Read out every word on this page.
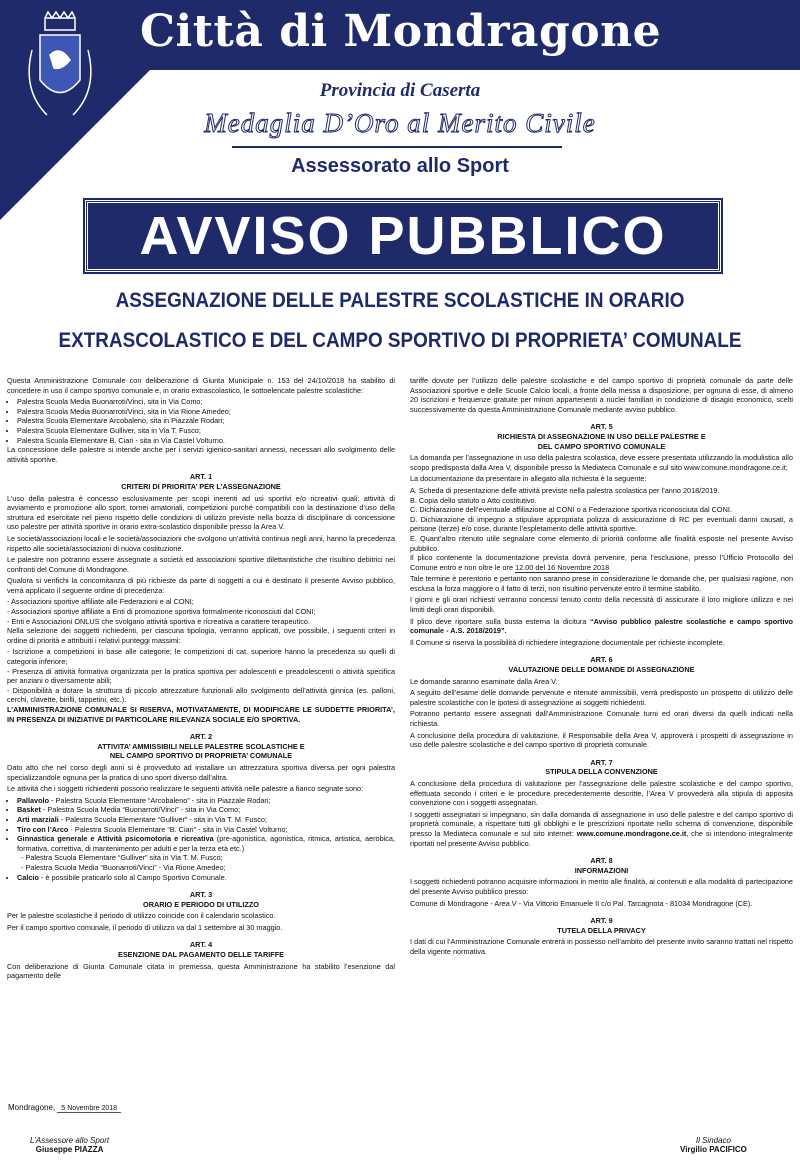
Città di Mondragone
Provincia di Caserta
Medaglia D’Oro al Merito Civile
Assessorato allo Sport
AVVISO PUBBLICO
ASSEGNAZIONE DELLE PALESTRE SCOLASTICHE IN ORARIO
EXTRASCOLASTICO E DEL CAMPO SPORTIVO DI PROPRIETA’ COMUNALE

Questa Amministrazione Comunale con deliberazione di Giunta Municipale n. 153 del 24/10/2018 ha stabilito di concedere in uso il campo sportivo comunale e, in orario extrascolastico, le sottoelencate palestre scolastiche:

• Palestra Scuola Media Buonarroti/Vinci, sita in Via Como;
• Palestra Scuola Media Buonarroti/Vinci, sita in Via Rione Amedeo;
• Palestra Scuola Elementare Arcobaleno, sita in Piazzale Rodari;
• Palestra Scuola Elementare Gulliver, sita in Via T. Fusco;
• Palestra Scuola Elementare B. Ciari - sita in Via Castel Volturno.

La concessione delle palestre si intende anche per i servizi igienico-sanitari annessi, necessari allo svolgimento delle attività sportive.

ART. 1
CRITERI DI PRIORITA’ PER L’ASSEGNAZIONE

L’uso della palestra è concesso esclusivamente per scopi inerenti ad usi sportivi e/o ricreativi quali: attività di avviamento e promozione allo sport, tornei amatoriali, competizioni purché compatibili con la destinazione d’uso della struttura ed esercitate nel pieno rispetto delle condizioni di utilizzo previste nella bozza di disciplinare di concessione uso palestre per attività sportive in orario extra-scolastico disponibile presso la Area V.

Le società/associazioni locali e le società/associazioni che svolgono un’attività continua negli anni, hanno la precedenza rispetto alle società/associazioni di nuova costituzione.

Le palestre non potranno essere assegnate a società ed associazioni sportive dilettantistiche che risultino debitrici nei confronti del Comune di Mondragone.

Qualora si verifichi la concomitanza di più richieste da parte di soggetti a cui è destinato il presente Avviso pubblico, verrà applicato il seguente ordine di precedenza:

- Associazioni sportive affiliate alle Federazioni e al CONI;
- Associazioni sportive affiliate a Enti di promozione sportiva formalmente riconosciuti dal CONI;
- Enti e Associazioni ONLUS che svolgano attività sportiva e ricreativa a carattere terapeutico.

Nella selezione dei soggetti richiedenti, per ciascuna tipologia, verranno applicati, ove possibile, i seguenti criteri in ordine di priorità e attribuiti i relativi punteggi massimi:

- Iscrizione a competizioni in base alle categorie; le competizioni di cat. superiore hanno la precedenza su quelli di categoria inferiore;
- Presenza di attività formativa organizzata per la pratica sportiva per adolescenti e preadolescenti o attività specifica per anziani o diversamente abili;
- Disponibilità a dotare la struttura di piccolo attrezzature funzionali allo svolgimento dell’attività ginnica (es. palloni, cerchi, clavette, birilli, tappetini, etc.).

L’AMMINISTRAZIONE COMUNALE SI RISERVA, MOTIVATAMENTE, DI MODIFICARE LE SUDDETTE PRIORITA’, IN PRESENZA DI INIZIATIVE DI PARTICOLARE RILEVANZA SOCIALE E/O SPORTIVA.

ART. 2
ATTIVITA’ AMMISSIBILI NELLE PALESTRE SCOLASTICHE E
NEL CAMPO SPORTIVO DI PROPRIETA’ COMUNALE

Dato atto che nel corso degli anni si è provveduto ad installare un attrezzatura sportiva diversa per ogni palestra specializzandole ognuna per la pratica di uno sport diverso dall’altra.

Le attività che i soggetti richiedenti possono realizzare le seguenti attività nelle palestre a fianco segnate sono:

• Pallavolo - Palestra Scuola Elementare “Arcobaleno” - sita in Piazzale Rodari;
• Basket - Palestra Scuola Media “Buonarroti/Vinci” - sita in Via Como;
• Arti marziali - Palestra Scuola Elementare “Gulliver” - sita in Via T. M. Fusco;
• Tiro con l’Arco - Palestra Scuola Elementare “B. Ciari” - sita in Via Castel Volturno;
• Ginnastica generale e Attività psicomotoria e ricreativa (pre-agonistica, agonistica, ritmica, artistica, aerobica, formativa, correttiva, di mantenimento per adulti e per la terza età etc.)
- Palestra Scuola Elementare “Gulliver” sita in Via T. M. Fusco;
- Palestra Scuola Media “Buonarroti/Vinci” - Via Rione Amedeo;
• Calcio - è possibile praticarlo solo al Campo Sportivo Comunale.
ART. 3
ORARIO E PERIODO DI UTILIZZO

Per le palestre scolastiche il periodo di utilizzo coincide con il calendario scolastico.

Per il campo sportivo comunale, il periodo di utilizzo va dal 1 settembre al 30 maggio.

ART. 4
ESENZIONE DAL PAGAMENTO DELLE TARIFFE

Con deliberazione di Giunta Comunale citata in premessa, questa Amministrazione ha stabilito l’esenzione dal pagamento delle

tariffe dovute per l’utilizzo delle palestre scolastiche e del campo sportivo di proprietà comunale da parte delle Associazioni sportive e delle Scuole Calcio locali, a fronte della messa a disposizione, per ognuna di esse, di almeno 20 iscrizioni e frequenze gratuite per minori appartenenti a nuclei familiari in condizione di disagio economico, scelti successivamente da questa Amministrazione Comunale mediante avviso pubblico.

ART. 5
RICHIESTA DI ASSEGNAZIONE IN USO DELLE PALESTRE E
DEL CAMPO SPORTIVO COMUNALE

La domanda per l’assegnazione in uso della palestra scolastica, deve essere presentata utilizzando la modulistica allo scopo predisposta dalla Area V, disponibile presso la Mediateca Comunale e sul sito www.comune.mondragone.ce.it;

La documentazione da presentare in allegato alla richiesta è la seguente:

A. Scheda di presentazione delle attività previste nella palestra scolastica per l’anno 2018/2019.
B. Copia dello statuto o Atto costitutivo.
C. Dichiarazione dell’eventuale affiliazione al CONI o a Federazione sportiva riconosciuta dal CONI.
D. Dichiarazione di impegno a stipulare appropriata polizza di assicurazione di RC per eventuali danni causati, a persone (terze) e/o cose, durante l’espletamento delle attività sportive.
E. Quant’altro ritenuto utile segnalare come elemento di priorità conforme alle finalità esposte nel presente Avviso pubblico.

Il plico contenente la documentazione prevista dovrà pervenire, pena l’esclusione, presso l’Ufficio Protocollo del Comune entro e non oltre le ore 12.00 del 16 Novembre 2018

Tale termine è perentorio e pertanto non saranno prese in considerazione le domande che, per qualsiasi ragione, non esclusa la forza maggiore o il fatto di terzi, non risultino pervenute entro il termine stabilito.

I giorni e gli orari richiesti verranno concessi tenuto conto della necessità di assicurare il loro migliore utilizzo e nei limiti degli orari disponibili.

Il plico deve riportare sulla busta esterna la dicitura “Avviso pubblico palestre scolastiche e campo sportivo comunale - A.S. 2018/2019”.

Il Comune si riserva la possibilità di richiedere integrazione documentale per richieste incomplete.

ART. 6
VALUTAZIONE DELLE DOMANDE DI ASSEGNAZIONE

Le domande saranno esaminate dalla Area V.

A seguito dell’esame delle domande pervenute e ritenute ammissibili, verrà predisposto un prospetto di utilizzo delle palestre scolastiche con le ipotesi di assegnazione ai soggetti richiedenti.

Potranno pertanto essere assegnati dall’Amministrazione Comunale turni ed orari diversi da quelli indicati nella richiesta.

A conclusione della procedura di valutazione, il Responsabile della Area V, approverà i prospetti di assegnazione in uso delle palestre scolastiche e del campo sportivo di proprietà comunale.

ART. 7
STIPULA DELLA CONVENZIONE

A conclusione della procedura di valutazione per l’assegnazione delle palestre scolastiche e del campo sportivo, effettuata secondo i criteri e le procedure precedentemente descritte, l’Area V provvederà alla stipula di apposita convenzione con i soggetti assegnatari.

I soggetti assegnatari si impegnano, sin dalla domanda di assegnazione in uso delle palestre e del campo sportivo di proprietà comunale, a rispettare tutti gli obblighi e le prescrizioni riportate nello schema di convenzione, disponibile presso la Mediateca comunale e sul sito internet: www.comune.mondragone.ce.it, che si intendono integralmente riportati nel presente Avviso pubblico.

ART. 8
INFORMAZIONI

I soggetti richiedenti potranno acquisire informazioni in merito alle finalità, ai contenuti e alla modalità di partecipazione del presente Avviso pubblico presso:

Comune di Mondragone - Area V - Via Vittorio Emanuele II c/o Pal. Tarcagnota - 81034 Mondragone (CE).

ART. 9
TUTELA DELLA PRIVACY

I dati di cui l’Amministrazione Comunale entrerà in possesso nell’ambito del presente invito saranno trattati nel rispetto della vigente normativa.

Mondragone, 5 Novembre 2018
L’Assessore allo Sport
Giuseppe PIAZZA
Il Sindaco
Virgilio PACIFICO
